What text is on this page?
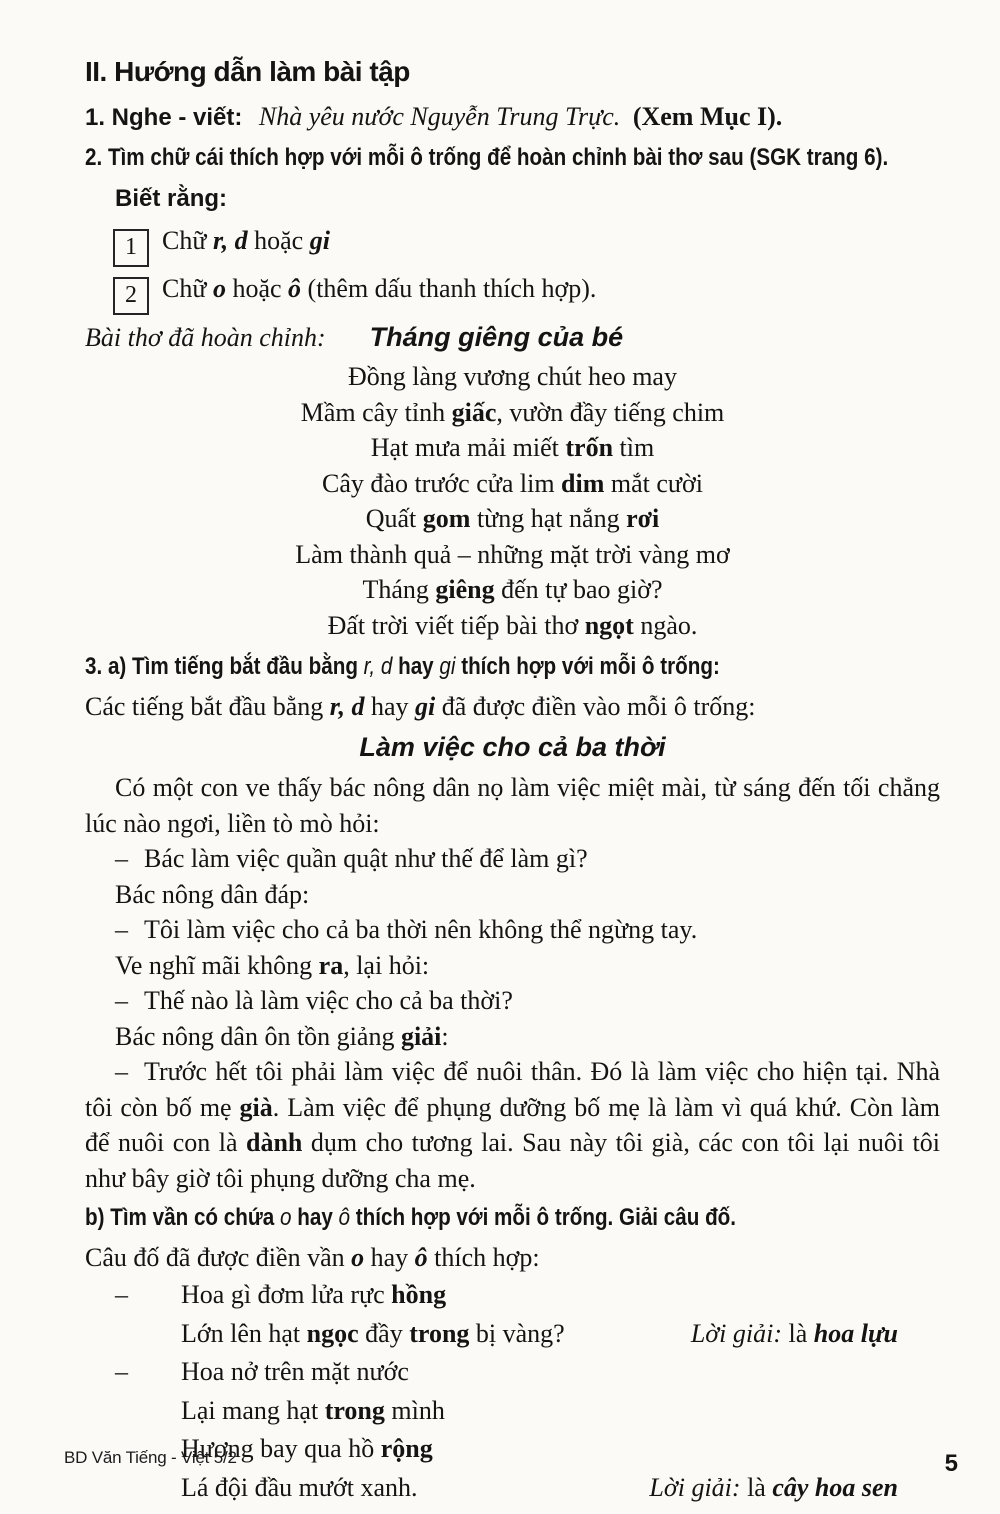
II. Hướng dẫn làm bài tập
1. Nghe - viết: Nhà yêu nước Nguyễn Trung Trực. (Xem Mục I).
2. Tìm chữ cái thích hợp với mỗi ô trống để hoàn chỉnh bài thơ sau (SGK trang 6).
Biết rằng:
1 Chữ r, d hoặc gi
2 Chữ o hoặc ô (thêm dấu thanh thích hợp).
Bài thơ đã hoàn chỉnh: Tháng giêng của bé
Đồng làng vương chút heo may
Mầm cây tỉnh giấc, vườn đầy tiếng chim
Hạt mưa mải miết trốn tìm
Cây đào trước cửa lim dim mắt cười
Quất gom từng hạt nắng rơi
Làm thành quả – những mặt trời vàng mơ
Tháng giêng đến tự bao giờ?
Đất trời viết tiếp bài thơ ngọt ngào.
3. a) Tìm tiếng bắt đầu bằng r, d hay gi thích hợp với mỗi ô trống:
Các tiếng bắt đầu bằng r, d hay gi đã được điền vào mỗi ô trống:
Làm việc cho cả ba thời
Có một con ve thấy bác nông dân nọ làm việc miệt mài, từ sáng đến tối chẳng lúc nào ngơi, liền tò mò hỏi:
– Bác làm việc quần quật như thế để làm gì?
Bác nông dân đáp:
– Tôi làm việc cho cả ba thời nên không thể ngừng tay.
Ve nghĩ mãi không ra, lại hỏi:
– Thế nào là làm việc cho cả ba thời?
Bác nông dân ôn tồn giảng giải:
– Trước hết tôi phải làm việc để nuôi thân. Đó là làm việc cho hiện tại. Nhà tôi còn bố mẹ già. Làm việc để phụng dưỡng bố mẹ là làm vì quá khứ. Còn làm để nuôi con là dành dụm cho tương lai. Sau này tôi già, các con tôi lại nuôi tôi như bây giờ tôi phụng dưỡng cha mẹ.
b) Tìm vần có chứa o hay ô thích hợp với mỗi ô trống. Giải câu đố.
Câu đố đã được điền vần o hay ô thích hợp:
–	Hoa gì đơm lửa rực hồng
Lớn lên hạt ngọc đầy trong bị vàng?	Lời giải: là hoa lựu
–	Hoa nở trên mặt nước
Lại mang hạt trong mình
Hương bay qua hồ rộng
Lá đội đầu mướt xanh.	Lời giải: là cây hoa sen
BD Văn Tiếng - Việt 5/2	5
